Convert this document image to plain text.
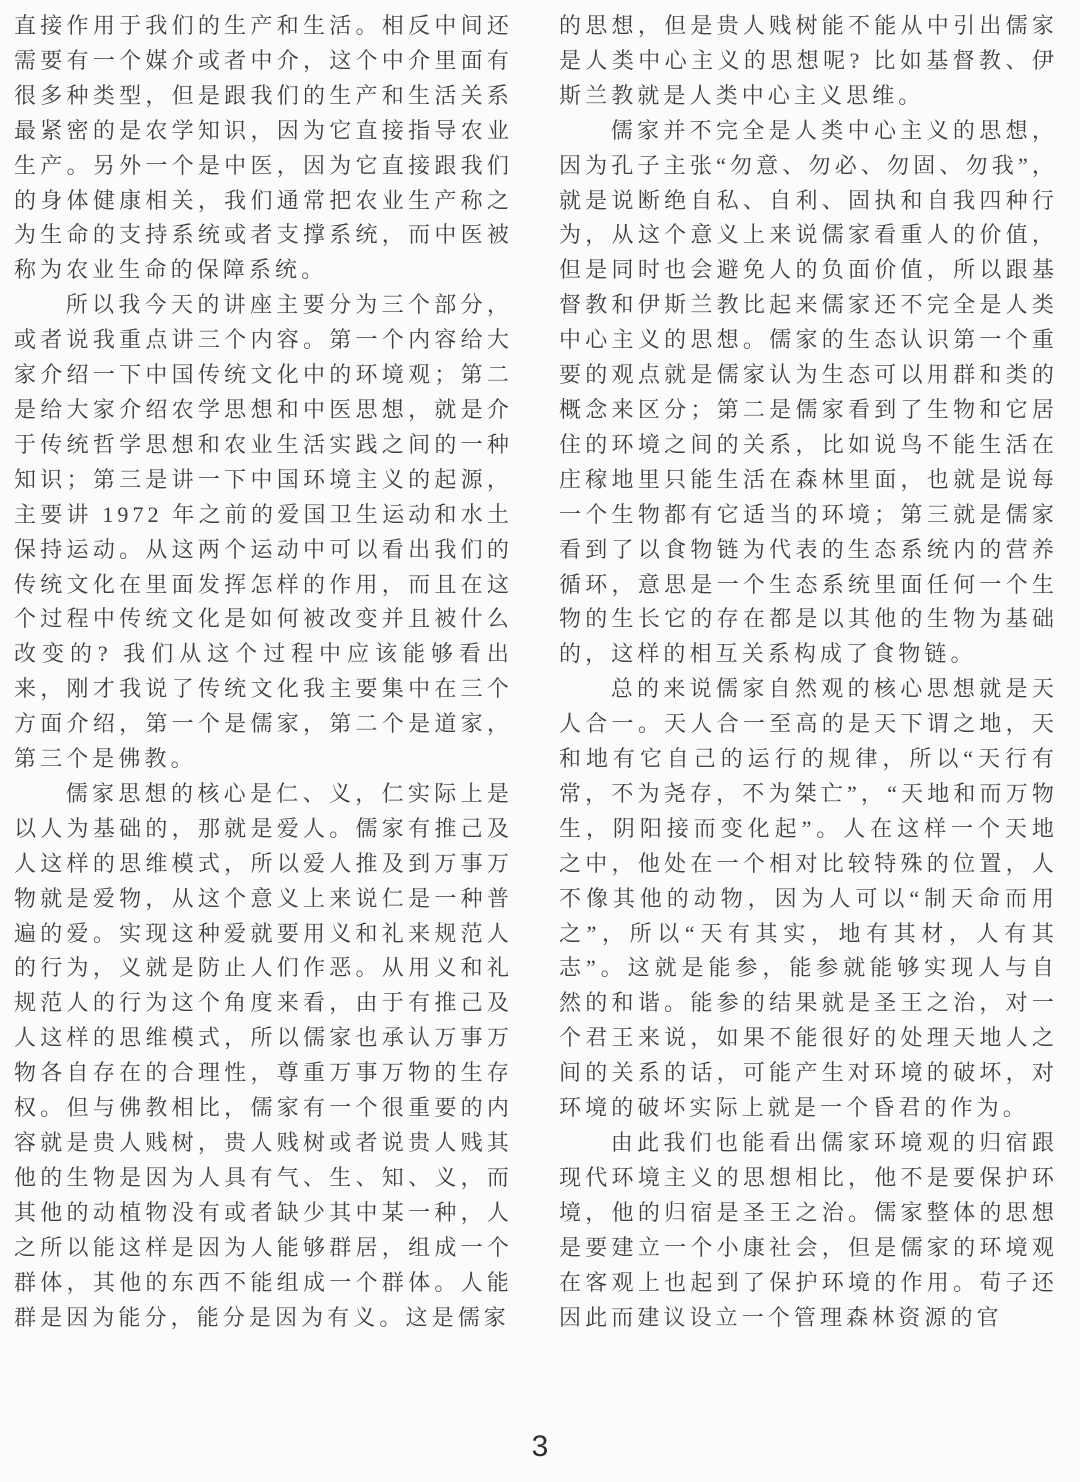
直接作用于我们的生产和生活。相反中间还需要有一个媒介或者中介，这个中介里面有很多种类型，但是跟我们的生产和生活关系最紧密的是农学知识，因为它直接指导农业生产。另外一个是中医，因为它直接跟我们的身体健康相关，我们通常把农业生产称之为生命的支持系统或者支撑系统，而中医被称为农业生命的保障系统。

所以我今天的讲座主要分为三个部分，或者说我重点讲三个内容。第一个内容给大家介绍一下中国传统文化中的环境观；第二是给大家介绍农学思想和中医思想，就是介于传统哲学思想和农业生活实践之间的一种知识；第三是讲一下中国环境主义的起源，主要讲 1972 年之前的爱国卫生运动和水土保持运动。从这两个运动中可以看出我们的传统文化在里面发挥怎样的作用，而且在这个过程中传统文化是如何被改变并且被什么改变的? 我们从这个过程中应该能够看出来，刚才我说了传统文化我主要集中在三个方面介绍，第一个是儒家，第二个是道家，第三个是佛教。

儒家思想的核心是仁、义，仁实际上是以人为基础的，那就是爱人。儒家有推己及人这样的思维模式，所以爱人推及到万事万物就是爱物，从这个意义上来说仁是一种普遍的爱。实现这种爱就要用义和礼来规范人的行为，义就是防止人们作恶。从用义和礼规范人的行为这个角度来看，由于有推己及人这样的思维模式，所以儒家也承认万事万物各自存在的合理性，尊重万事万物的生存权。但与佛教相比，儒家有一个很重要的内容就是贵人贱树，贵人贱树或者说贵人贱其他的生物是因为人具有气、生、知、义，而其他的动植物没有或者缺少其中某一种，人之所以能这样是因为人能够群居，组成一个群体，其他的东西不能组成一个群体。人能群是因为能分，能分是因为有义。这是儒家

的思想，但是贵人贱树能不能从中引出儒家是人类中心主义的思想呢? 比如基督教、伊斯兰教就是人类中心主义思维。

儒家并不完全是人类中心主义的思想，因为孔子主张“勿意、勿必、勿固、勿我”，就是说断绝自私、自利、固执和自我四种行为，从这个意义上来说儒家看重人的价值，但是同时也会避免人的负面价值，所以跟基督教和伊斯兰教比起来儒家还不完全是人类中心主义的思想。儒家的生态认识第一个重要的观点就是儒家认为生态可以用群和类的概念来区分；第二是儒家看到了生物和它居住的环境之间的关系，比如说鸟不能生活在庄稼地里只能生活在森林里面，也就是说每一个生物都有它适当的环境；第三就是儒家看到了以食物链为代表的生态系统内的营养循环，意思是一个生态系统里面任何一个生物的生长它的存在都是以其他的生物为基础的，这样的相互关系构成了食物链。

总的来说儒家自然观的核心思想就是天人合一。天人合一至高的是天下谓之地，天和地有它自己的运行的规律，所以“天行有常，不为尧存，不为桀亡”，“天地和而万物生，阴阳接而变化起”。人在这样一个天地之中，他处在一个相对比较特殊的位置，人不像其他的动物，因为人可以“制天命而用之”，所以“天有其实，地有其材，人有其志”。这就是能参，能参就能够实现人与自然的和谐。能参的结果就是圣王之治，对一个君王来说，如果不能很好的处理天地人之间的关系的话，可能产生对环境的破坏，对环境的破坏实际上就是一个昏君的作为。

由此我们也能看出儒家环境观的归宿跟现代环境主义的思想相比，他不是要保护环境，他的归宿是圣王之治。儒家整体的思想是要建立一个小康社会，但是儒家的环境观在客观上也起到了保护环境的作用。荀子还因此而建议设立一个管理森林资源的官

3
